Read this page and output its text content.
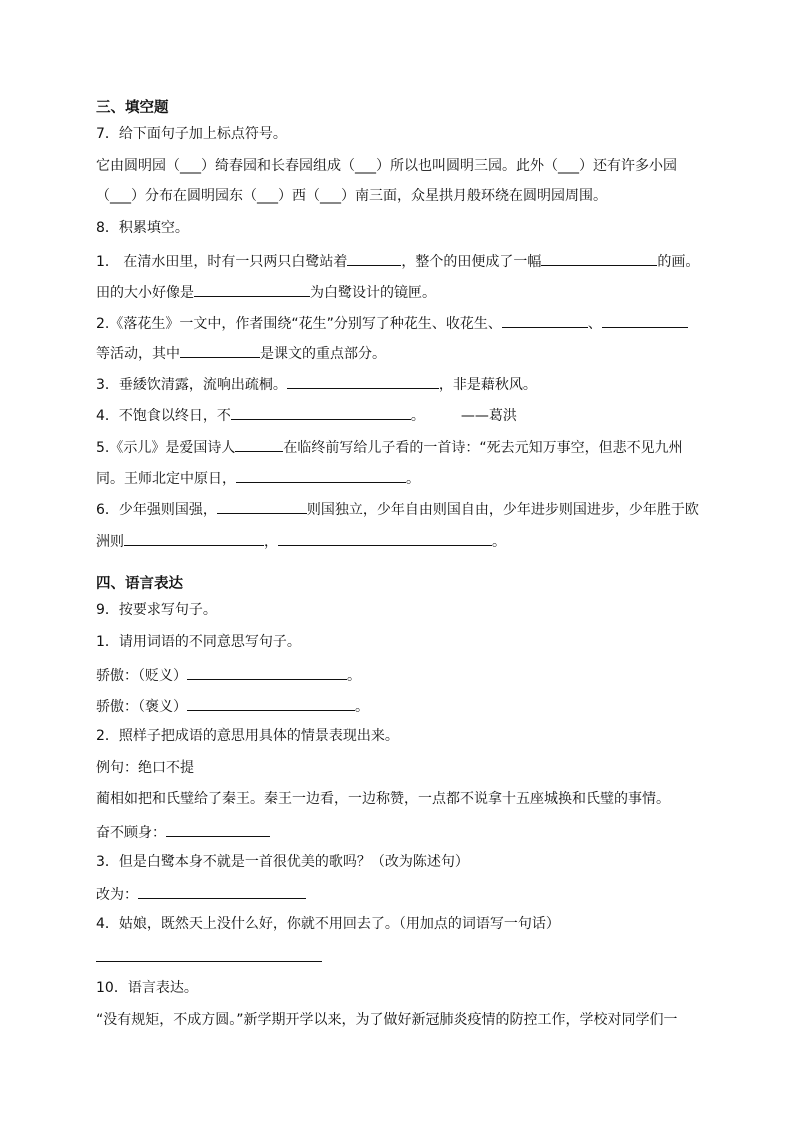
三、填空题
7．给下面句子加上标点符号。
它由圆明园（___）绮春园和长春园组成（___）所以也叫圆明三园。此外（___）还有许多小园
（___）分布在圆明园东（___）西（___）南三面，众星拱月般环绕在圆明园周围。
8．积累填空。
1． 在清水田里，时有一只两只白鹭站着	，整个的田便成了一幅	的画。
田的大小好像是	为白鹭设计的镜匣。
2.《落花生》一文中，作者围绕“花生”分别写了种花生、收花生、	、
等活动，其中	是课文的重点部分。
3．垂緌饮清露，流响出疏桐。	，非是藉秋风。
4．不饱食以终日，不	。	——葛洪
5.《示儿》是爱国诗人	在临终前写给儿子看的一首诗：“死去元知万事空，但悲不见九州
同。王师北定中原日，	。
6．少年强则国强，	则国独立，少年自由则国自由，少年进步则国进步，少年胜于欧
洲则	，	。
四、语言表达
9．按要求写句子。
1．请用词语的不同意思写句子。
骄傲：（贬义）	。
骄傲：（褒义）	。
2．照样子把成语的意思用具体的情景表现出来。
例句：绝口不提
蔺相如把和氏璧给了秦王。秦王一边看，一边称赞，一点都不说拿十五座城换和氏璧的事情。
奋不顾身：
3．但是白鹭本身不就是一首很优美的歌吗？（改为陈述句）
改为：
4．姑娘，既然天上没什么好，你就不用回去了。（用加点的词语写一句话）
10．语言表达。
“没有规矩，不成方圆。”新学期开学以来，为了做好新冠肺炎疫情的防控工作，学校对同学们一
